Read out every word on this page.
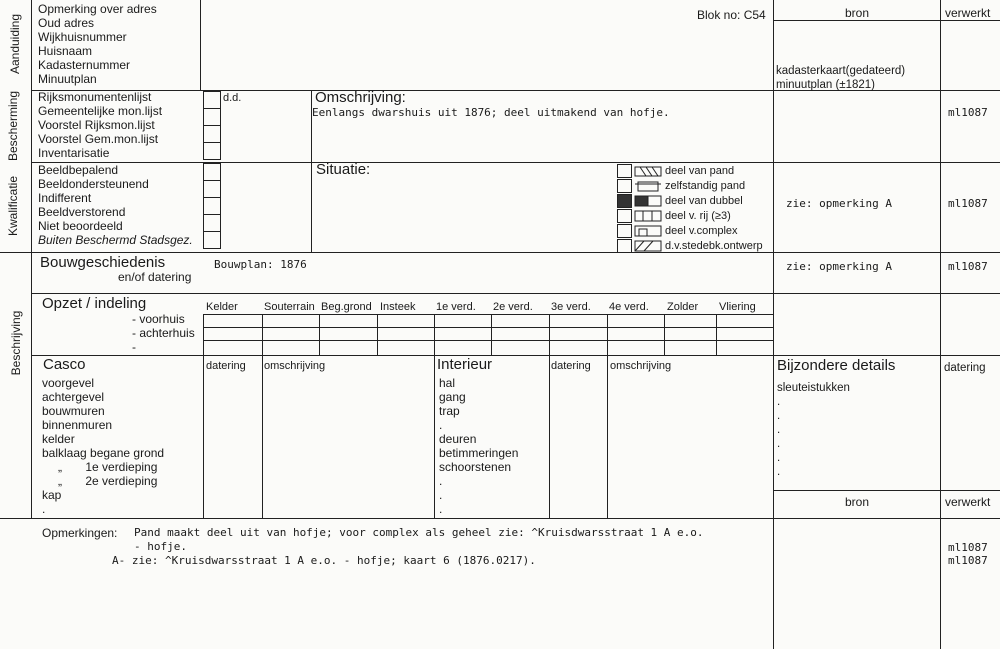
Blok no: C54	bron	verwerkt
Aanduiding
Opmerking over adres
Oud adres
Wijkhuisnummer
Huisnaam
Kadasternummer
Minuutplan
kadasterkaart(gedateerd)
minuutplan (±1821)
Bescherming Rijksmonumentenlijst
Gemeentelijke mon.lijst
Voorstel Rijksmon.lijst
Voorstel Gem.mon.lijst
Inventarisatie
d.d.	Omschrijving:
Eenlangs dwarshuis uit 1876; deel uitmakend van hofje.	ml1087
Kwalificatie
Beeldbepalend
Beeldondersteunend
Indifferent
Beeldverstorend
Niet beoordeeld
Buiten Beschermd Stadsgez.
Situatie:	deel van pand
zelfstandig pand
deel van dubbel
deel v. rij (≥3)
deel v.complex
d.v.stedebk.ontwerp
zie: opmerking A	ml1087
Bouwgeschiedenis
en/of datering
Bouwplan: 1876	zie: opmerking A	ml1087
Beschrijving
Opzet / indeling
- voorhuis
- achterhuis
-
Kelder Souterrain Beg.grond Insteek 1e verd. 2e verd. 3e verd. 4e verd. Zolder Vliering
Casco
voorgevel
achtergevel
bouwmuren
binnenmuren
kelder
balklaag begane grond
„       1e verdieping
„       2e verdieping
kap
.
datering omschrijving	Interieur	datering omschrijving
hal
gang
trap
.
deuren
betimmeringen
schoorstenen
.
.
.
Bijzondere details	datering
sleuteistukken
.
.
.
.
.
.
bron	verwerkt
Opmerkingen: Pand maakt deel uit van hofje; voor complex als geheel zie: ^Kruisdwarsstraat 1 A e.o.
- hofje.
A- zie: ^Kruisdwarsstraat 1 A e.o. - hofje; kaart 6 (1876.0217).
ml1087
ml1087
